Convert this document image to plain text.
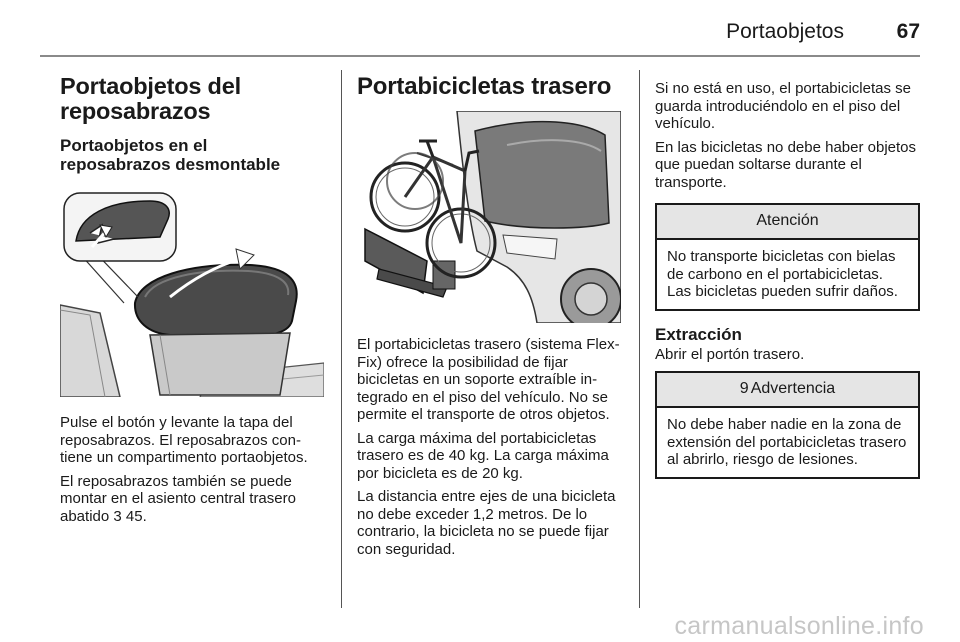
Portaobjetos	67
Portaobjetos del reposabrazos
Portaobjetos en el reposabrazos desmontable

Pulse el botón y levante la tapa del reposabrazos. El reposabrazos contiene un compartimento portaobjetos.

El reposabrazos también se puede montar en el asiento central trasero abatido 3 45.

Portabicicletas trasero

El portabicicletas trasero (sistema Flex-Fix) ofrece la posibilidad de fijar bicicletas en un soporte extraíble integrado en el piso del vehículo. No se permite el transporte de otros objetos.

La carga máxima del portabicicletas trasero es de 40 kg. La carga máxima por bicicleta es de 20 kg.

La distancia entre ejes de una bicicleta no debe exceder 1,2 metros. De lo contrario, la bicicleta no se puede fijar con seguridad.

Si no está en uso, el portabicicletas se guarda introduciéndolo en el piso del vehículo.

En las bicicletas no debe haber objetos que puedan soltarse durante el transporte.

Atención
No transporte bicicletas con bielas de carbono en el portabicicletas. Las bicicletas pueden sufrir daños.
Extracción

Abrir el portón trasero.

9 Advertencia
No debe haber nadie en la zona de extensión del portabicicletas trasero al abrirlo, riesgo de lesiones.
carmanualsonline.info
